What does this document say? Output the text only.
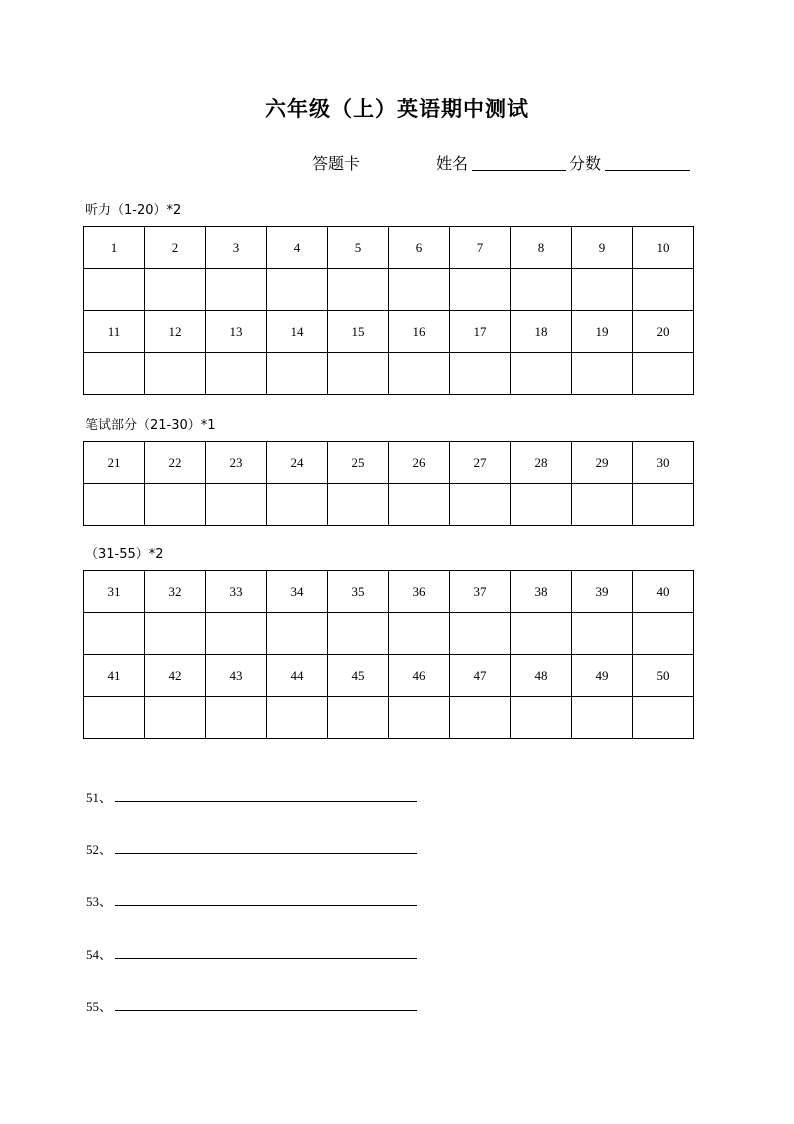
六年级（上）英语期中测试
答题卡	姓名	分数
听力（1-20）*2
1	2	3	4	5	6	7	8	9	10

11	12	13	14	15	16	17	18	19	20

笔试部分（21-30）*1
21	22	23	24	25	26	27	28	29	30

（31-55）*2
31	32	33	34	35	36	37	38	39	40

41	42	43	44	45	46	47	48	49	50

51、
52、
53、
54、
55、
